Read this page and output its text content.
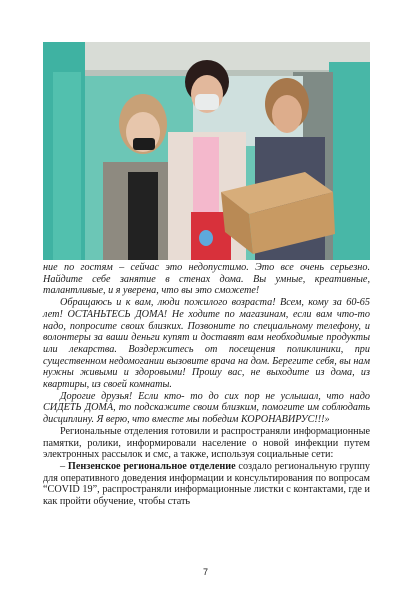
ние по гостям – сейчас это недопустимо. Это все очень серьезно. Найдите себе занятие в стенах дома. Вы умные, креативные, талантливые, и я уверена, что вы это сможете!

Обращаюсь и к вам, люди пожилого возраста! Всем, кому за 60-65 лет! ОСТАНЬТЕСЬ ДОМА! Не ходите по магазинам, если вам что-то надо, попросите своих близких. Позвоните по специальному телефону, и волонтеры за ваши деньги купят и доставят вам необходимые продукты или лекарства. Воздержитесь от посещения поликлиники, при существенном недомогании вызовите врача на дом. Берегите себя, вы нам нужны живыми и здоровыми! Прошу вас, не выходите из дома, из квартиры, из своей комнаты.

Дорогие друзья! Если кто- то до сих пор не услышал, что надо СИДЕТЬ ДОМА, то подскажите своим близким, помогите им соблюдать дисциплину. Я верю, что вместе мы победим КОРОНАВИРУС!!!»

Региональные отделения готовили и распространяли информационные памятки, ролики, информировали население о новой инфекции путем электронных рассылок и смс, а также, используя социальные сети:

– Пензенское региональное отделение создало региональную группу для оперативного доведения информации и консультирования по вопросам “COVID 19”, распространяли информационные листки с контактами, где и как пройти обучение, чтобы стать

7
